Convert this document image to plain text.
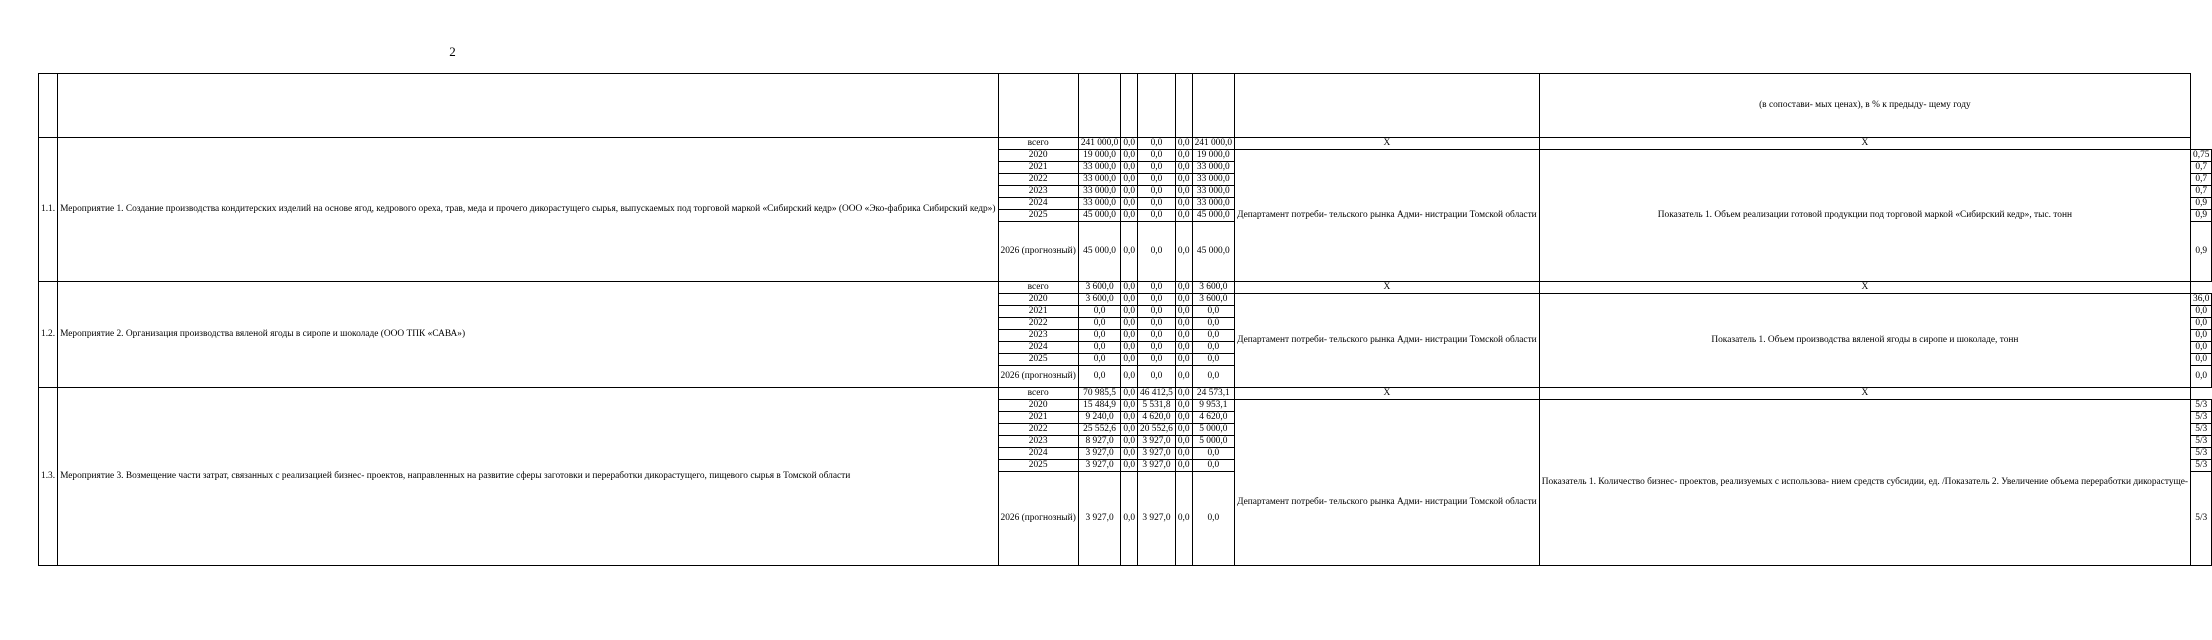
2
									(в сопостави- мых ценах), в % к предыду- щему году	
1.1.	Мероприятие 1. Создание производства кондитерских изделий на основе ягод, кедрового ореха, трав, меда и прочего дикорастущего сырья, выпускаемых под торговой маркой «Сибирский кедр» (ООО «Эко-фабрика Сибирский кедр»)	всего	241 000,0	0,0	0,0	0,0	241 000,0	Х	Х	
		2020	19 000,0	0,0	0,0	0,0	19 000,0	Департамент потреби- тельского рынка Адми- нистрации Томской области	Показатель 1. Объем реализации готовой продукции под торговой маркой «Сибирский кедр», тыс. тонн	0,75
		2021	33 000,0	0,0	0,0	0,0	33 000,0			0,7
		2022	33 000,0	0,0	0,0	0,0	33 000,0			0,7
		2023	33 000,0	0,0	0,0	0,0	33 000,0			0,7
		2024	33 000,0	0,0	0,0	0,0	33 000,0			0,9
		2025	45 000,0	0,0	0,0	0,0	45 000,0			0,9
		2026 (прогнозный)	45 000,0	0,0	0,0	0,0	45 000,0			0,9
1.2.	Мероприятие 2. Организация производства вяленой ягоды в сиропе и шоколаде (ООО ТПК «САВА»)	всего	3 600,0	0,0	0,0	0,0	3 600,0	Х	Х	
		2020	3 600,0	0,0	0,0	0,0	3 600,0	Департамент потреби- тельского рынка Адми- нистрации Томской области	Показатель 1. Объем производства вяленой ягоды в сиропе и шоколаде, тонн	36,0
		2021	0,0	0,0	0,0	0,0	0,0			0,0
		2022	0,0	0,0	0,0	0,0	0,0			0,0
		2023	0,0	0,0	0,0	0,0	0,0			0,0
		2024	0,0	0,0	0,0	0,0	0,0			0,0
		2025	0,0	0,0	0,0	0,0	0,0			0,0
		2026 (прогнозный)	0,0	0,0	0,0	0,0	0,0			0,0
1.3.	Мероприятие 3. Возмещение части затрат, связанных с реализацией бизнес- проектов, направленных на развитие сферы заготовки и переработки дикорастущего, пищевого сырья в Томской области	всего	70 985,5	0,0	46 412,5	0,0	24 573,1	Х	Х	
		2020	15 484,9	0,0	5 531,8	0,0	9 953,1	Департамент потреби- тельского рынка Адми- нистрации Томской области	Показатель 1. Количество бизнес- проектов, реализуемых с использова- нием средств субсидии, ед. /Показатель 2. Увеличение объема переработки дикорастуще-	5/3
		2021	9 240,0	0,0	4 620,0	0,0	4 620,0			5/3
		2022	25 552,6	0,0	20 552,6	0,0	5 000,0			5/3
		2023	8 927,0	0,0	3 927,0	0,0	5 000,0			5/3
		2024	3 927,0	0,0	3 927,0	0,0	0,0			5/3
		2025	3 927,0	0,0	3 927,0	0,0	0,0			5/3
		2026 (прогнозный)	3 927,0	0,0	3 927,0	0,0	0,0			5/3
